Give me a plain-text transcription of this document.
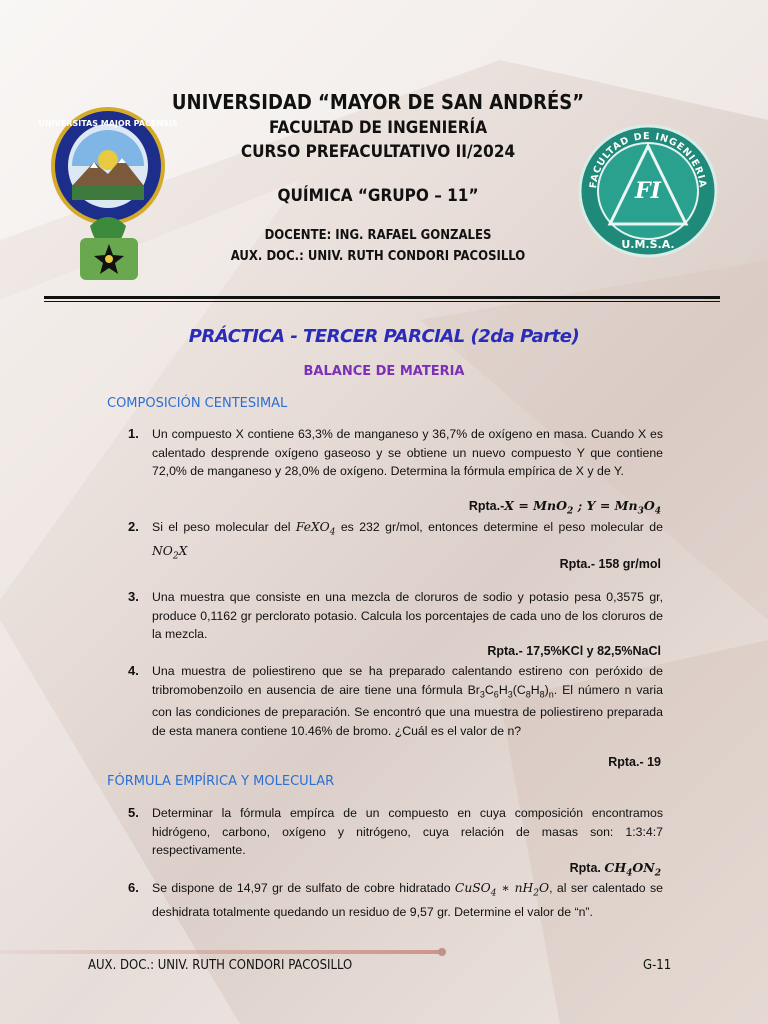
UNIVERSITAS MAJOR PACENSIS
FI
FACULTAD DE INGENIERIA
U.M.S.A.
UNIVERSIDAD “MAYOR DE SAN ANDRÉS”
FACULTAD DE INGENIERÍA
CURSO PREFACULTATIVO II/2024
QUÍMICA “GRUPO – 11”
DOCENTE: ING. RAFAEL GONZALES
AUX. DOC.: UNIV. RUTH CONDORI PACOSILLO
PRÁCTICA - TERCER PARCIAL (2da Parte)
BALANCE DE MATERIA
COMPOSICIÓN CENTESIMAL
1. Un compuesto X contiene 63,3% de manganeso y 36,7% de oxígeno en masa. Cuando X es calentado desprende oxígeno gaseoso y se obtiene un nuevo compuesto Y que contiene 72,0% de manganeso y 28,0% de oxígeno. Determina la fórmula empírica de X y de Y.
Rpta.-X = MnO$_2$ ; $Y = Mn_3O_4$
2. Si el peso molecular del FeXO$_4$ es 232 gr/mol, entonces determine el peso molecular de $NO_2X$
Rpta.- 158 gr/mol
3. Una muestra que consiste en una mezcla de cloruros de sodio y potasio pesa 0,3575 gr, produce 0,1162 gr perclorato potasio. Calcula los porcentajes de cada uno de los cloruros de la mezcla.
Rpta.- 17,5%KCl y 82,5%NaCl
4. Una muestra de poliestireno que se ha preparado calentando estireno con peróxido de tribromobenzoilo en ausencia de aire tiene una fórmula $Br_3C_6H_3(C_8H_8)_n$. El número n varia con las condiciones de preparación. Se encontró que una muestra de poliestireno preparada de esta manera contiene 10.46% de bromo. ¿Cuál es el valor de n?
Rpta.- 19
FÓRMULA EMPÍRICA Y MOLECULAR
5. Determinar la fórmula empírca de un compuesto en cuya composición encontramos hidrógeno, carbono, oxígeno y nitrógeno, cuya relación de masas son: 1:3:4:7 respectivamente.
Rpta. $CH_4ON_2$
6. Se dispone de 14,97 gr de sulfato de cobre hidratado CuSO$_4$ ∗ $nH_2O$, al ser calentado se deshidrata totalmente quedando un residuo de 9,57 gr. Determine el valor de “n”.
AUX. DOC.: UNIV. RUTH CONDORI PACOSILLO	G-11
